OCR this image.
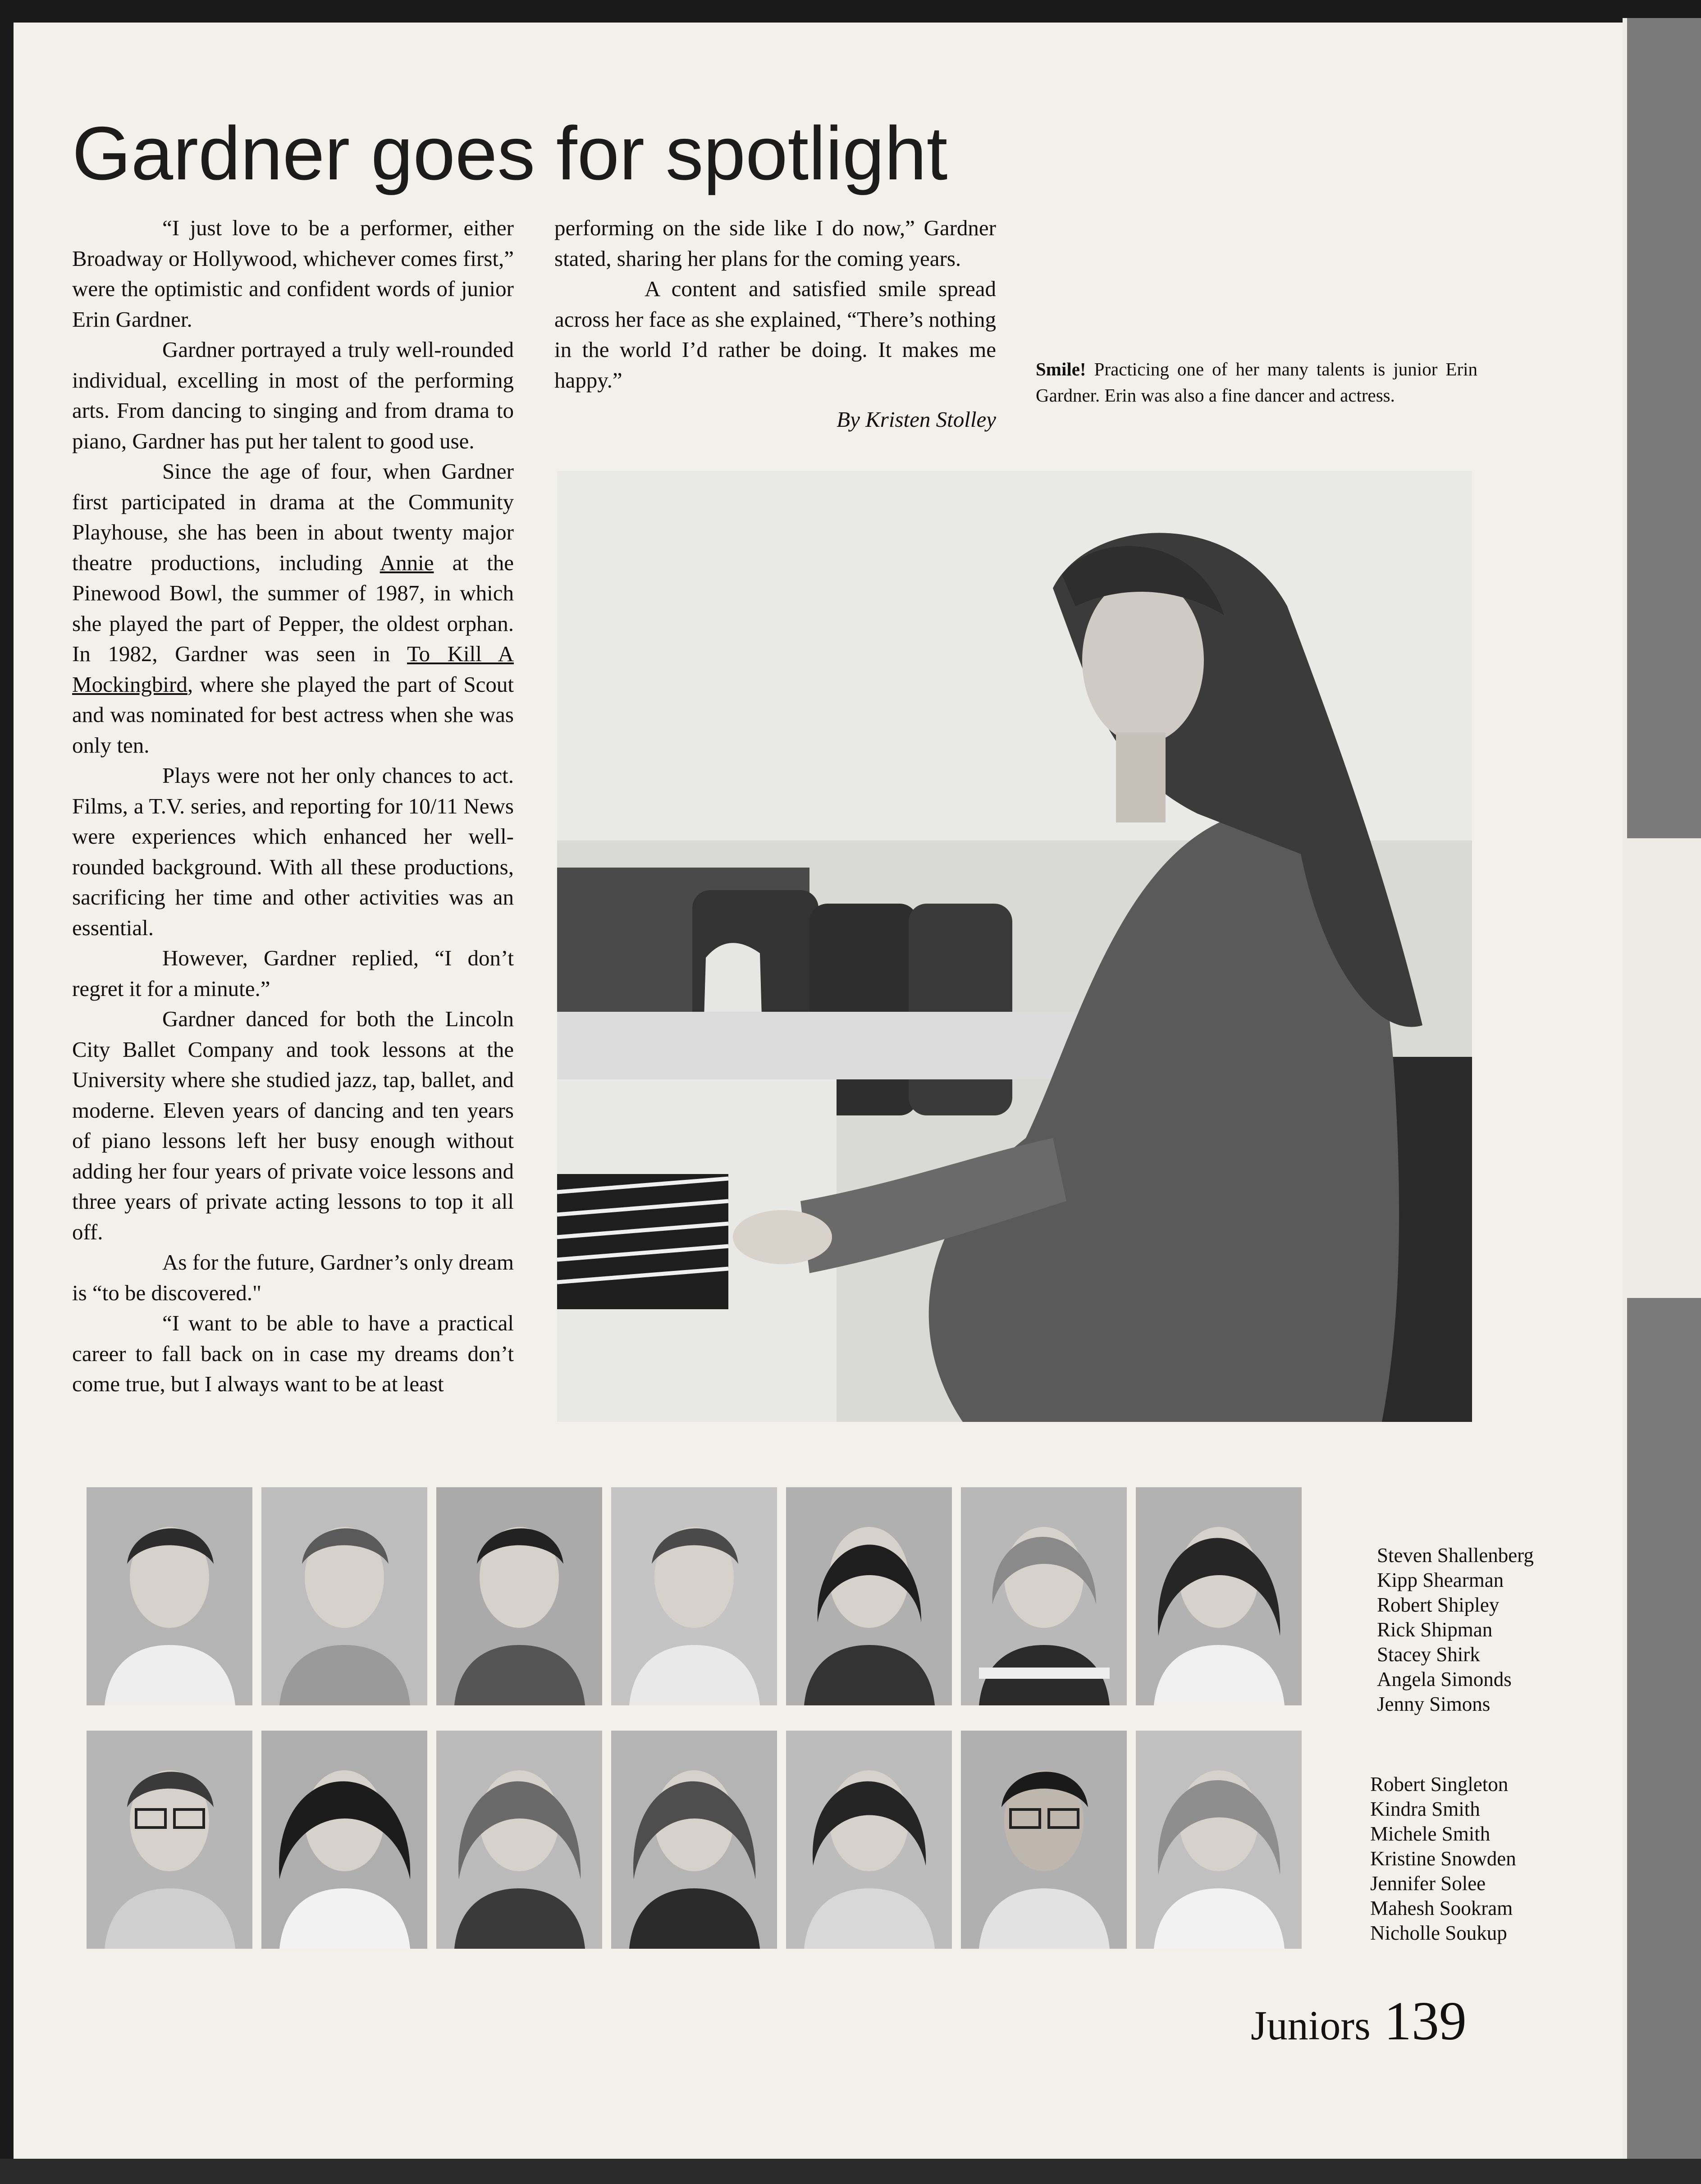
Gardner goes for spotlight

“I just love to be a performer, either Broadway or Hollywood, whichever comes first,” were the optimistic and confident words of junior Erin Gardner.

Gardner portrayed a truly well-rounded individual, excelling in most of the performing arts. From dancing to singing and from drama to piano, Gardner has put her talent to good use.

Since the age of four, when Gardner first participated in drama at the Community Playhouse, she has been in about twenty major theatre productions, including Annie at the Pinewood Bowl, the summer of 1987, in which she played the part of Pepper, the oldest orphan. In 1982, Gardner was seen in To Kill A Mockingbird, where she played the part of Scout and was nominated for best actress when she was only ten.

Plays were not her only chances to act. Films, a T.V. series, and reporting for 10/11 News were experiences which enhanced her well-rounded background. With all these productions, sacrificing her time and other activities was an essential.

However, Gardner replied, “I don’t regret it for a minute.”

Gardner danced for both the Lincoln City Ballet Company and took lessons at the University where she studied jazz, tap, ballet, and moderne. Eleven years of dancing and ten years of piano lessons left her busy enough without adding her four years of private voice lessons and three years of private acting lessons to top it all off.

As for the future, Gardner’s only dream is “to be discovered."

“I want to be able to have a practical career to fall back on in case my dreams don’t come true, but I always want to be at least

performing on the side like I do now,” Gardner stated, sharing her plans for the coming years.

A content and satisfied smile spread across her face as she explained, “There’s nothing in the world I’d rather be doing. It makes me happy.”

By Kristen Stolley
Smile! Practicing one of her many talents is junior Erin Gardner. Erin was also a fine dancer and actress.
Steven Shallenberg
Kipp Shearman
Robert Shipley
Rick Shipman
Stacey Shirk
Angela Simonds
Jenny Simons
Robert Singleton
Kindra Smith
Michele Smith
Kristine Snowden
Jennifer Solee
Mahesh Sookram
Nicholle Soukup
Juniors 139
